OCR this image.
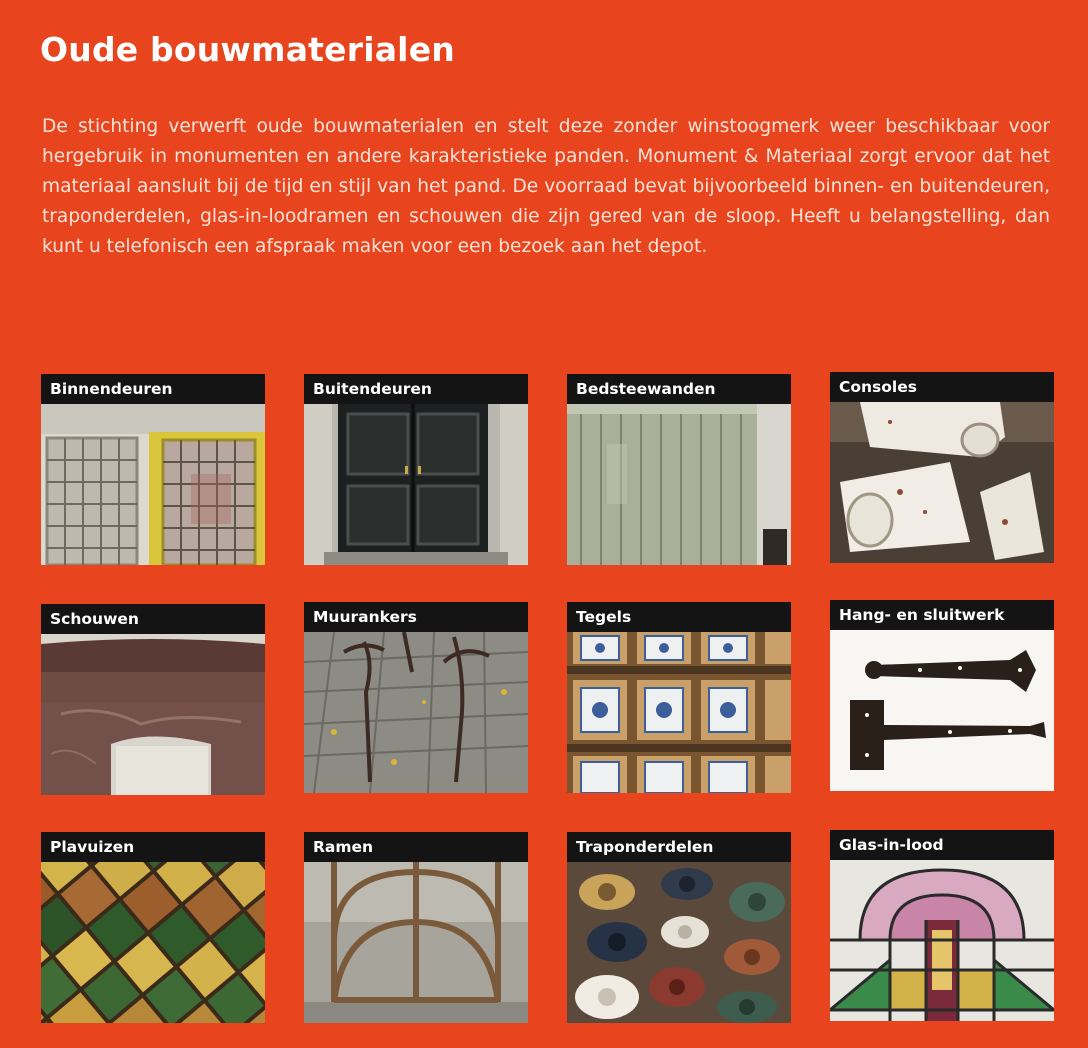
Oude bouwmaterialen

De stichting verwerft oude bouwmaterialen en stelt deze zonder winstoogmerk weer beschikbaar voor hergebruik in monumenten en andere karakteristieke panden. Monument & Materiaal zorgt ervoor dat het materiaal aansluit bij de tijd en stijl van het pand. De voorraad bevat bijvoorbeeld binnen- en buitendeuren, traponderdelen, glas-in-loodramen en schouwen die zijn gered van de sloop. Heeft u belangstelling, dan kunt u telefonisch een afspraak maken voor een bezoek aan het depot.

Binnendeuren	Buitendeuren	Bedsteewanden	Consoles
Schouwen	Muurankers	Tegels	Hang- en sluitwerk
Plavuizen	Ramen	Traponderdelen	Glas-in-lood
